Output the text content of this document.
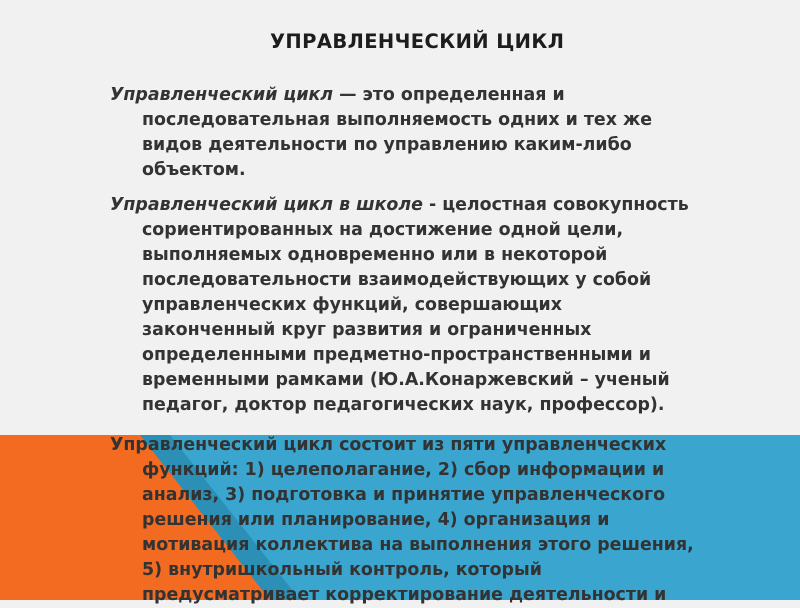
УПРАВЛЕНЧЕСКИЙ ЦИКЛ

Управленческий цикл — это определенная и
последовательная выполняемость одних и тех же
видов деятельности по управлению каким-либо
объектом.

Управленческий цикл в школе - целостная совокупность
сориентированных на достижение одной цели,
выполняемых одновременно или в некоторой
последовательности взаимодействующих у собой
управленческих функций, совершающих
законченный круг развития и ограниченных
определенными предметно-пространственными и
временными рамками (Ю.А.Конаржевский – ученый
педагог, доктор педагогических наук, профессор).

Управленческий цикл состоит из пяти управленческих
функций: 1) целеполагание, 2) сбор информации и
анализ, 3) подготовка и принятие управленческого
решения или планирование, 4) организация и
мотивация коллектива на выполнения этого решения,
5) внутришкольный контроль, который
предусматривает корректирование деятельности и
